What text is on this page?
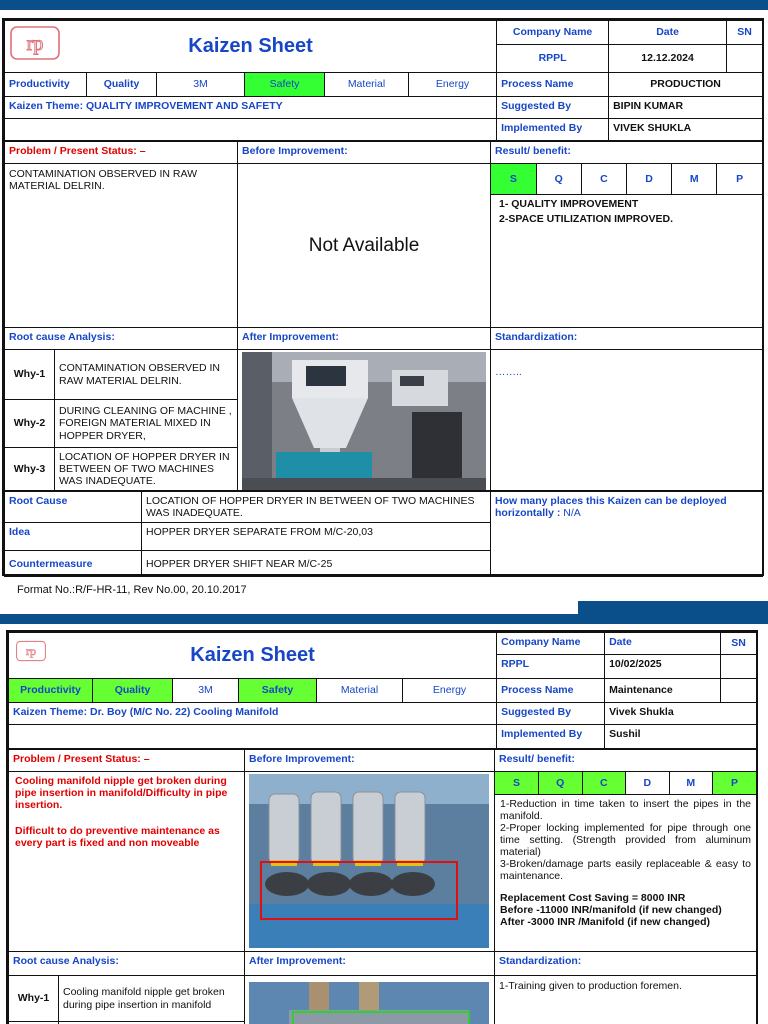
rp	Kaizen Sheet						Company Name	Date	SN
						RPPL	12.12.2024	
Productivity	Quality	3M	Safety	Material	Energy	Process Name	PRODUCTION	
Kaizen Theme: QUALITY IMPROVEMENT AND SAFETY						Suggested By	BIPIN KUMAR	
						Implemented By	VIVEK SHUKLA	
Problem / Present Status: –	Before Improvement:	Result/ benefit:
CONTAMINATION OBSERVED IN RAW MATERIAL DELRIN.	Not Available	
S	Q	C	D	M	P
1- QUALITY IMPROVEMENT
2-SPACE UTILIZATION IMPROVED.

Root cause Analysis:	After Improvement:	Standardization:
Why-1	CONTAMINATION OBSERVED IN RAW MATERIAL DELRIN.	
	……..
Why-2	DURING CLEANING OF MACHINE , FOREIGN MATERIAL MIXED IN HOPPER DRYER,
Why-3	LOCATION OF HOPPER DRYER IN BETWEEN OF TWO MACHINES WAS INADEQUATE.
Root Cause	LOCATION OF HOPPER DRYER IN BETWEEN OF TWO MACHINES WAS INADEQUATE.	How many places this Kaizen can be deployed horizontally : N/A
Idea	HOPPER DRYER SEPARATE FROM M/C-20,03	
Countermeasure	HOPPER DRYER SHIFT NEAR M/C-25	
Format No.:R/F-HR-11, Rev No.00, 20.10.2017
rp	Kaizen Sheet						Company Name	Date	SN
						RPPL	10/02/2025	
Productivity	Quality	3M	Safety	Material	Energy	Process Name	Maintenance	
Kaizen Theme: Dr. Boy (M/C No. 22) Cooling Manifold						Suggested By	Vivek Shukla	
						Implemented By	Sushil	
Problem / Present Status: –	Before Improvement:	Result/ benefit:

Cooling manifold nipple get broken during pipe insertion in manifold/Difficulty in pipe insertion.
Difficult to do preventive maintenance as every part is fixed and non moveable

S	Q	C	D	M	P
1-Reduction in time taken to insert the pipes in the manifold.
2-Proper locking implemented for pipe through one time setting. (Strength provided from aluminum material)
3-Broken/damage parts easily replaceable & easy to maintenance.
Replacement Cost Saving = 8000 INR
Before -11000 INR/manifold (if new changed)
After -3000 INR /Manifold (if new changed)

Root cause Analysis:	After Improvement:	Standardization:
Why-1	Cooling manifold nipple get broken during pipe insertion in manifold	
	1-Training given to production foremen.
